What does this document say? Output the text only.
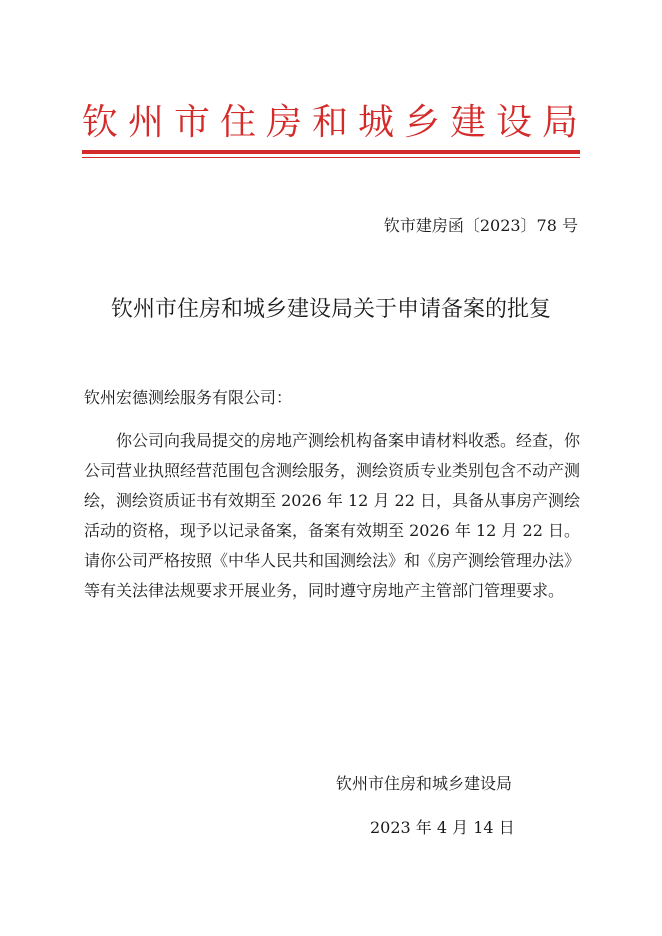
钦州市住房和城乡建设局
钦市建房函〔2023〕78 号
钦州市住房和城乡建设局关于申请备案的批复
钦州宏德测绘服务有限公司：

你公司向我局提交的房地产测绘机构备案申请材料收悉。经查，你公司营业执照经营范围包含测绘服务，测绘资质专业类别包含不动产测绘，测绘资质证书有效期至 2026 年 12 月 22 日，具备从事房产测绘活动的资格，现予以记录备案，备案有效期至 2026 年 12 月 22 日。请你公司严格按照《中华人民共和国测绘法》和《房产测绘管理办法》等有关法律法规要求开展业务，同时遵守房地产主管部门管理要求。

钦州市住房和城乡建设局
2023 年 4 月 14 日
